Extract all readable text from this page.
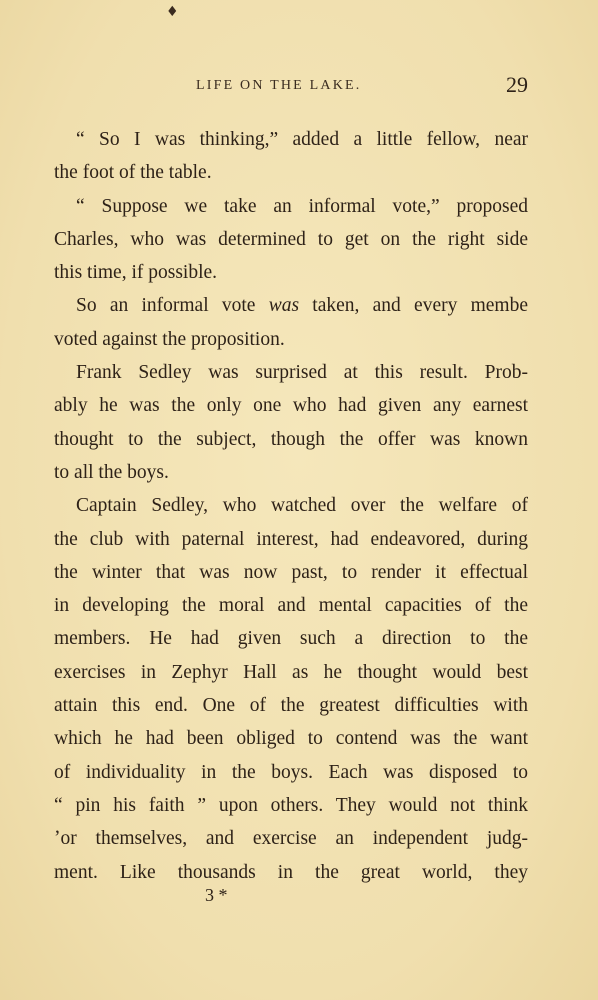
♦
LIFE ON THE LAKE.	29
“ So I was thinking,” added a little fellow, near
the foot of the table.
“ Suppose we take an informal vote,” proposed
Charles, who was determined to get on the right side
this time, if possible.
So an informal vote was taken, and every membe
voted against the proposition.
Frank Sedley was surprised at this result. Prob-
ably he was the only one who had given any earnest
thought to the subject, though the offer was known
to all the boys.
Captain Sedley, who watched over the welfare of
the club with paternal interest, had endeavored, during
the winter that was now past, to render it effectual
in developing the moral and mental capacities of the
members. He had given such a direction to the
exercises in Zephyr Hall as he thought would best
attain this end. One of the greatest difficulties with
which he had been obliged to contend was the want
of individuality in the boys. Each was disposed to
“ pin his faith ” upon others. They would not think
ʼor themselves, and exercise an independent judg-
ment. Like thousands in the great world, they
3 *
